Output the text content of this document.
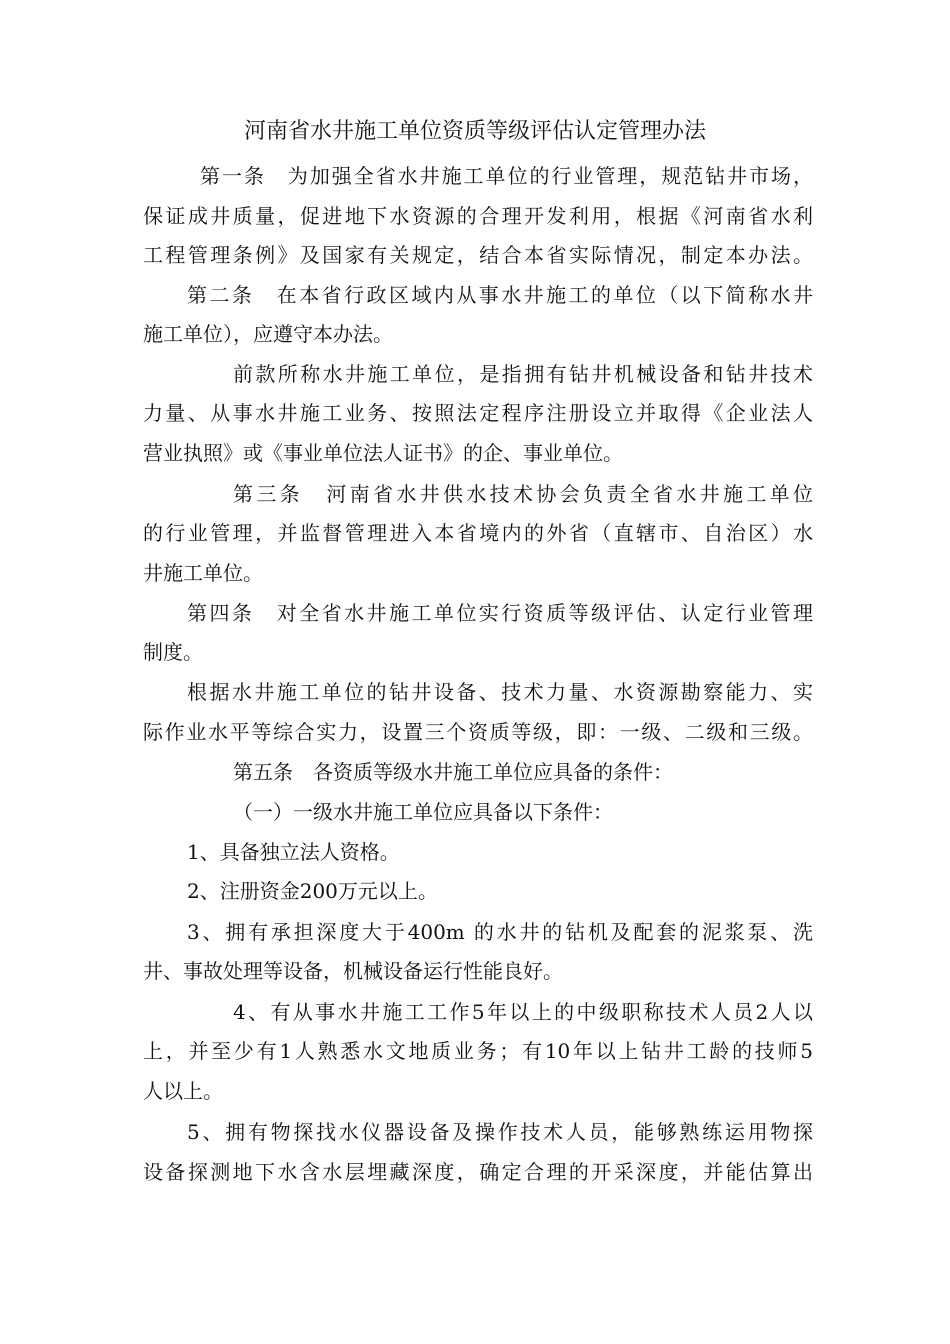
河南省水井施工单位资质等级评估认定管理办法
第一条　为加强全省水井施工单位的行业管理，规范钻井市场，
保证成井质量，促进地下水资源的合理开发利用，根据《河南省水利
工程管理条例》及国家有关规定，结合本省实际情况，制定本办法。
第二条　在本省行政区域内从事水井施工的单位（以下简称水井
施工单位），应遵守本办法。
前款所称水井施工单位，是指拥有钻井机械设备和钻井技术
力量、从事水井施工业务、按照法定程序注册设立并取得《企业法人
营业执照》或《事业单位法人证书》的企、事业单位。
第三条　河南省水井供水技术协会负责全省水井施工单位
的行业管理，并监督管理进入本省境内的外省（直辖市、自治区）水
井施工单位。
第四条　对全省水井施工单位实行资质等级评估、认定行业管理
制度。
根据水井施工单位的钻井设备、技术力量、水资源勘察能力、实
际作业水平等综合实力，设置三个资质等级，即：一级、二级和三级。
第五条　各资质等级水井施工单位应具备的条件：
（一）一级水井施工单位应具备以下条件：
1、具备独立法人资格。
2、注册资金200万元以上。
3、拥有承担深度大于400m 的水井的钻机及配套的泥浆泵、洗
井、事故处理等设备，机械设备运行性能良好。
4、有从事水井施工工作5年以上的中级职称技术人员2人以
上，并至少有1人熟悉水文地质业务；有10年以上钻井工龄的技师5
人以上。
5、拥有物探找水仪器设备及操作技术人员，能够熟练运用物探
设备探测地下水含水层埋藏深度，确定合理的开采深度，并能估算出
